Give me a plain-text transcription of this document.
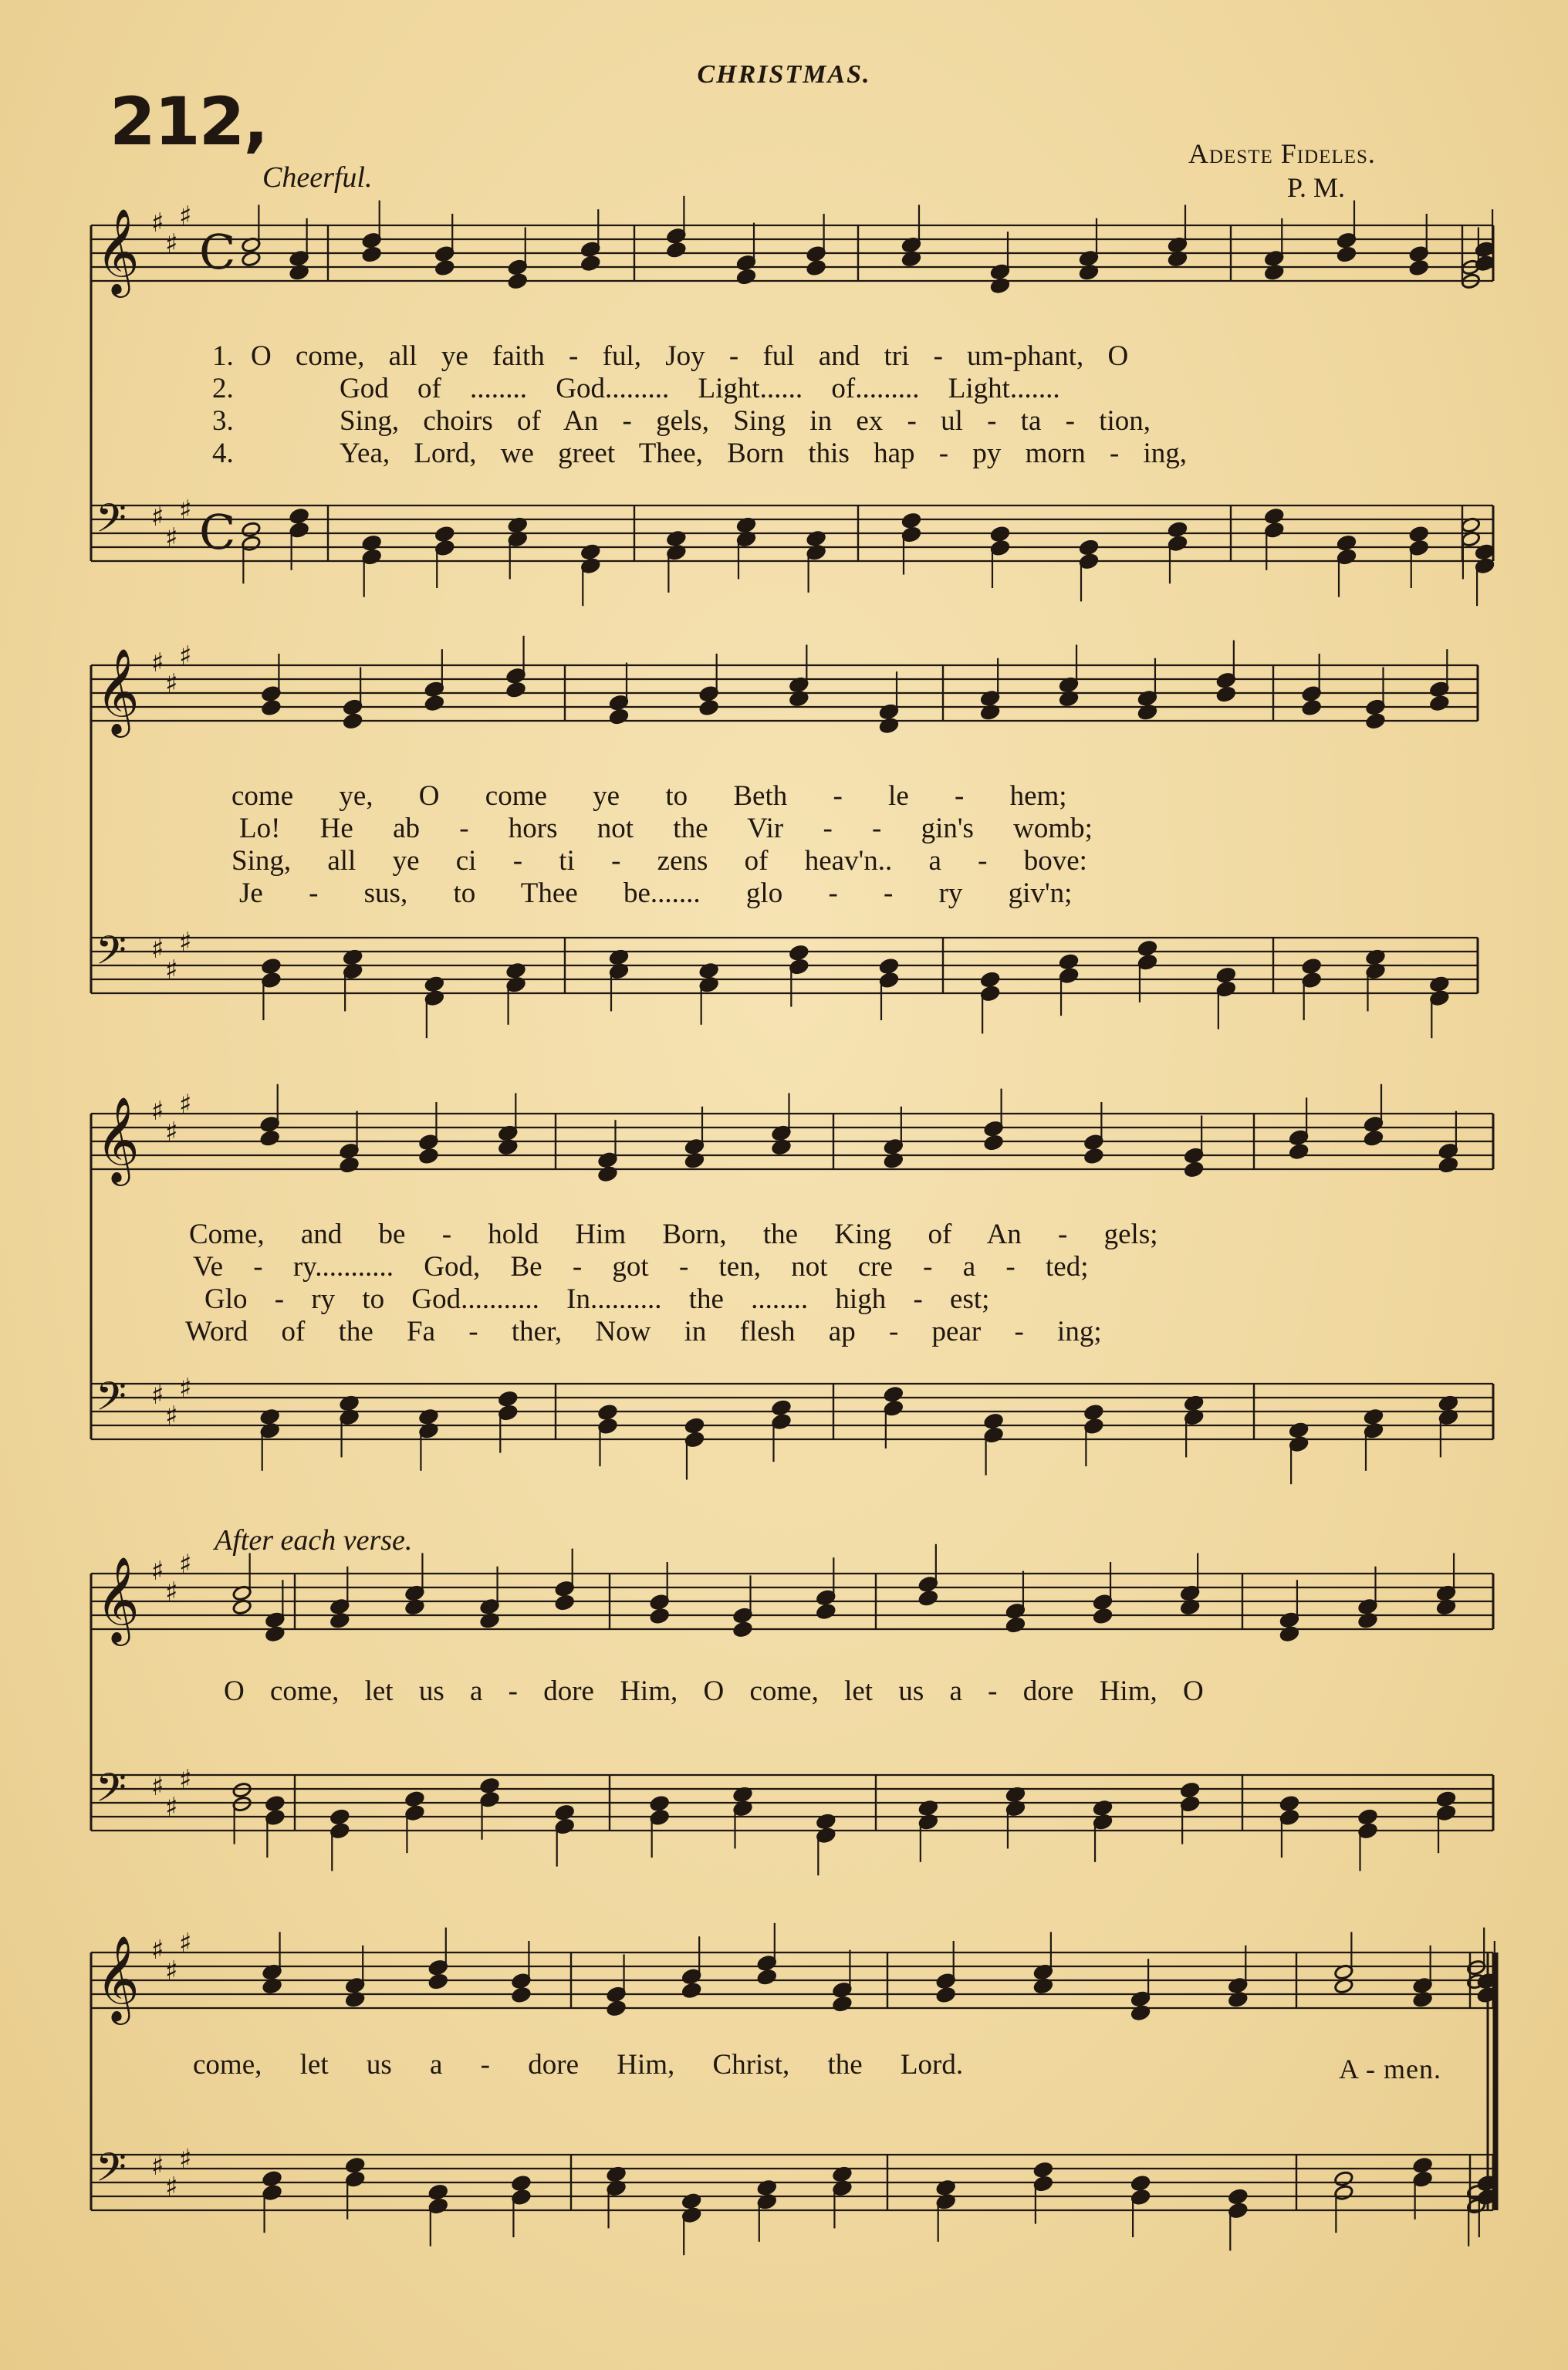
CHRISTMAS.
212,
Cheerful.
Adeste Fideles.
P. M.
After each verse.
1.
2.
3.
4.
O come, all ye faith - ful, Joy - ful and tri - um-phant, O
God of ........ God......... Light...... of......... Light.......
Sing, choirs of An - gels, Sing in ex - ul - ta - tion,
Yea, Lord, we greet Thee, Born this hap - py morn - ing,
come ye, O come ye to Beth - le - hem;
Lo! He ab - hors not the Vir - - gin's womb;
Sing, all ye ci - ti - zens of heav'n.. a - bove:
Je - sus, to Thee be....... glo - - ry giv'n;
Come, and be - hold Him Born, the King of An - gels;
Ve - ry........... God, Be - got - ten, not cre - a - ted;
Glo - ry to God........... In.......... the ........ high - est;
Word of the Fa - ther, Now in flesh ap - pear - ing;
O come, let us a - dore Him, O come, let us a - dore Him, O
come, let us a - dore Him, Christ, the Lord.	A - men.
𝄞 ♯
♯
♯
C
𝄢 ♯
♯
♯ C
𝄞 ♯
♯
♯
𝄢 ♯
♯
♯
𝄞 ♯
♯
♯
𝄢 ♯
♯
♯
𝄞 ♯
♯
♯
𝄢 ♯
♯
♯
𝄞 ♯
♯
♯
𝄢 ♯
♯
♯
